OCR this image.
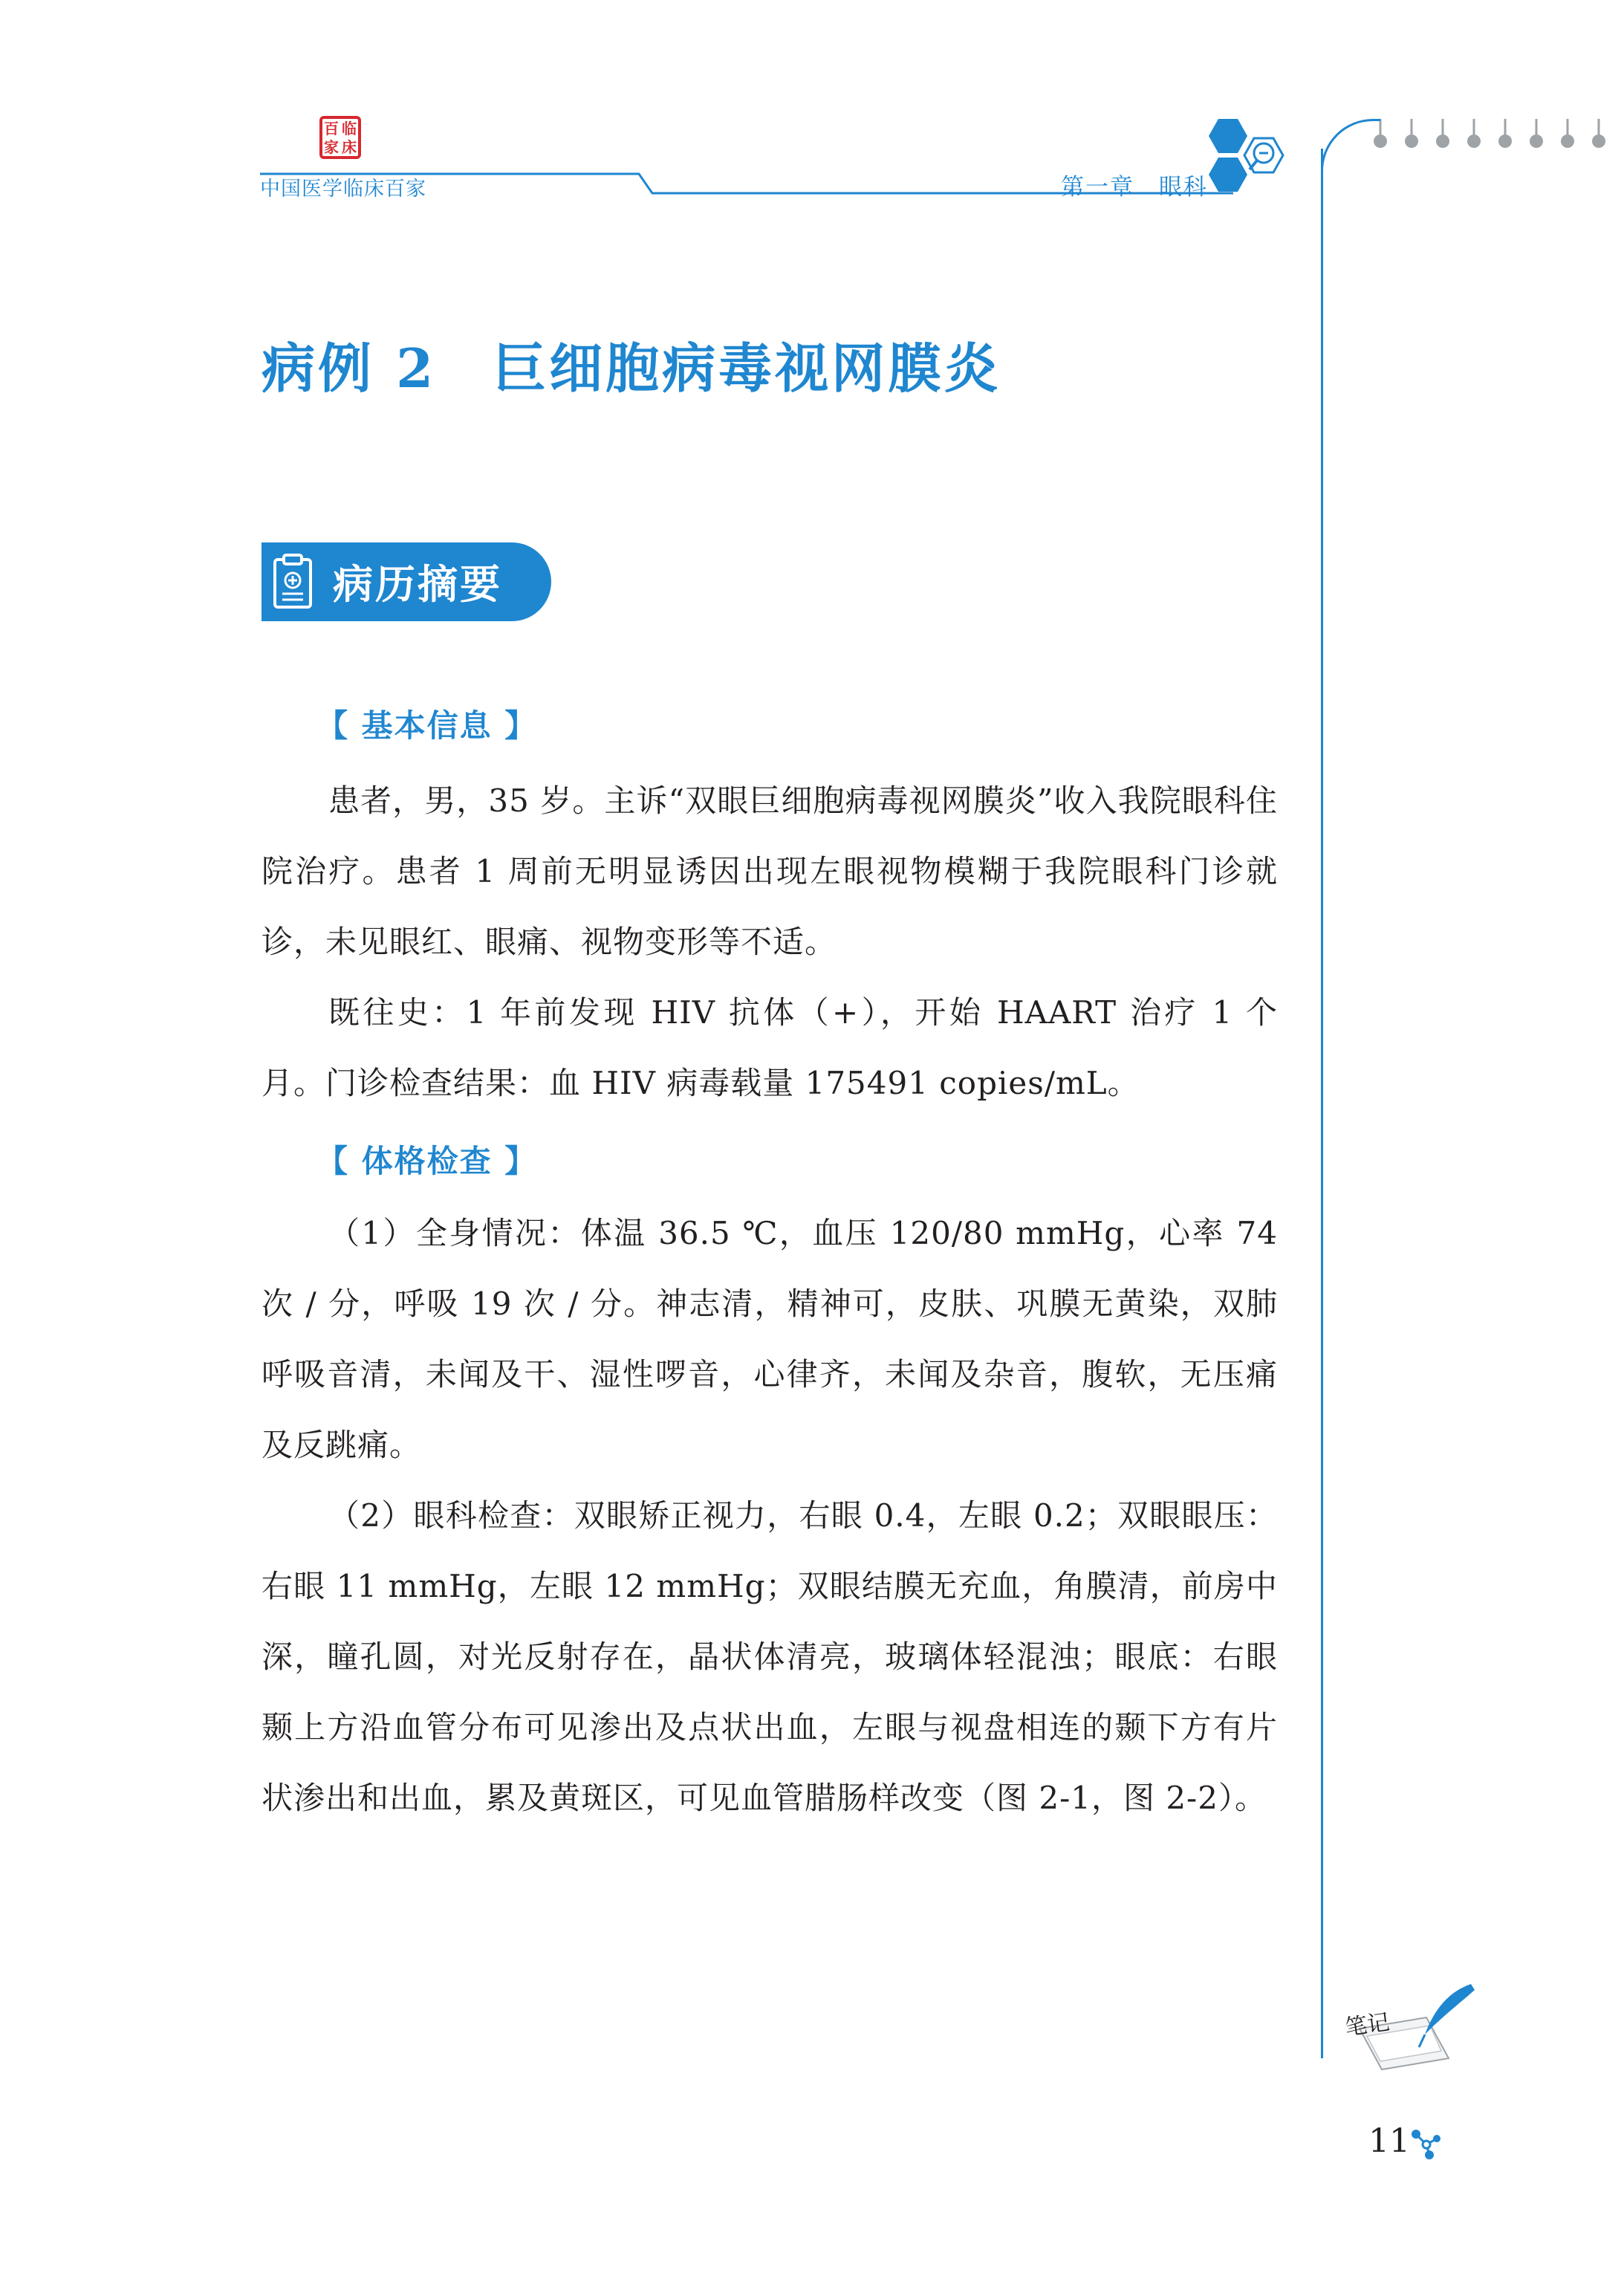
百 临
家 床
中国医学临床百家	第一章　眼科
病例 2　巨细胞病毒视网膜炎
病历摘要
【 基本信息 】
患者，男，35 岁。主诉“双眼巨细胞病毒视网膜炎”收入我院眼科住院治疗。患者 1 周前无明显诱因出现左眼视物模糊于我院眼科门诊就诊，未见眼红、眼痛、视物变形等不适。
既往史：1 年前发现 HIV 抗体（+），开始 HAART 治疗 1 个月。门诊检查结果：血 HIV 病毒载量 175491 copies/mL。
【 体格检查 】
（1）全身情况：体温 36.5 ℃，血压 120/80 mmHg，心率 74 次 / 分，呼吸 19 次 / 分。神志清，精神可，皮肤、巩膜无黄染，双肺呼吸音清，未闻及干、湿性啰音，心律齐，未闻及杂音，腹软，无压痛及反跳痛。
（2）眼科检查：双眼矫正视力，右眼 0.4，左眼 0.2；双眼眼压：右眼 11 mmHg，左眼 12 mmHg；双眼结膜无充血，角膜清，前房中深，瞳孔圆，对光反射存在，晶状体清亮，玻璃体轻混浊；眼底：右眼颞上方沿血管分布可见渗出及点状出血，左眼与视盘相连的颞下方有片状渗出和出血，累及黄斑区，可见血管腊肠样改变（图 2-1，图 2-2）。
笔记
11
